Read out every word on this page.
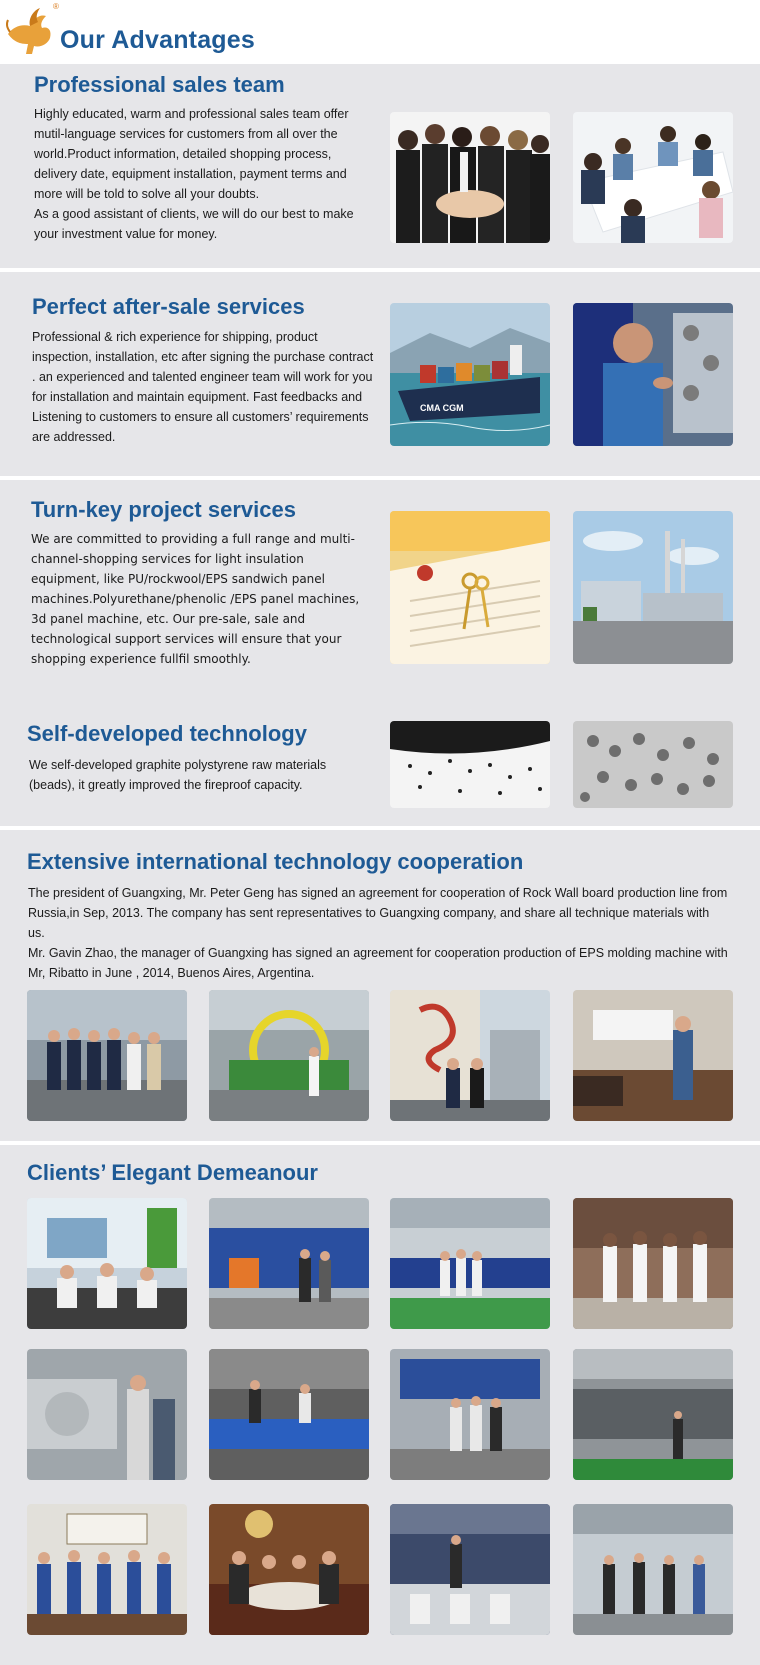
®
Our Advantages
Professional sales team

Highly educated, warm and professional sales team offer mutil-language services for customers from all over the world.Product information, detailed shopping process, delivery date, equipment installation, payment terms and more will be told to solve all your doubts.

As a good assistant of clients, we will do our best to make your investment value for money.

Perfect after-sale services

Professional & rich experience for shipping, product inspection, installation, etc after signing the purchase contract . an experienced and talented engineer team will work for you for installation and maintain equipment. Fast feedbacks and Listening to customers to ensure all customers’ requirements are addressed.

CMA CGM
Turn-key project services

We are committed to providing a full range and multi-channel-shopping services for light insulation equipment, like PU/rockwool/EPS sandwich panel machines.Polyurethane/phenolic /EPS panel machines, 3d panel machine, etc. Our pre-sale, sale and technological support services will ensure that your shopping experience fullfil smoothly.

Self-developed technology

We self-developed graphite polystyrene raw materials (beads), it greatly improved the fireproof capacity.

Extensive international technology cooperation

The president of Guangxing, Mr. Peter Geng has signed an agreement for cooperation of Rock Wall board production line from Russia,in Sep, 2013. The company has sent representatives to Guangxing company, and share all technique materials with us.

Mr. Gavin Zhao, the manager of Guangxing has signed an agreement for cooperation production of EPS molding machine with Mr, Ribatto in June , 2014, Buenos Aires, Argentina.

Clients’ Elegant Demeanour
